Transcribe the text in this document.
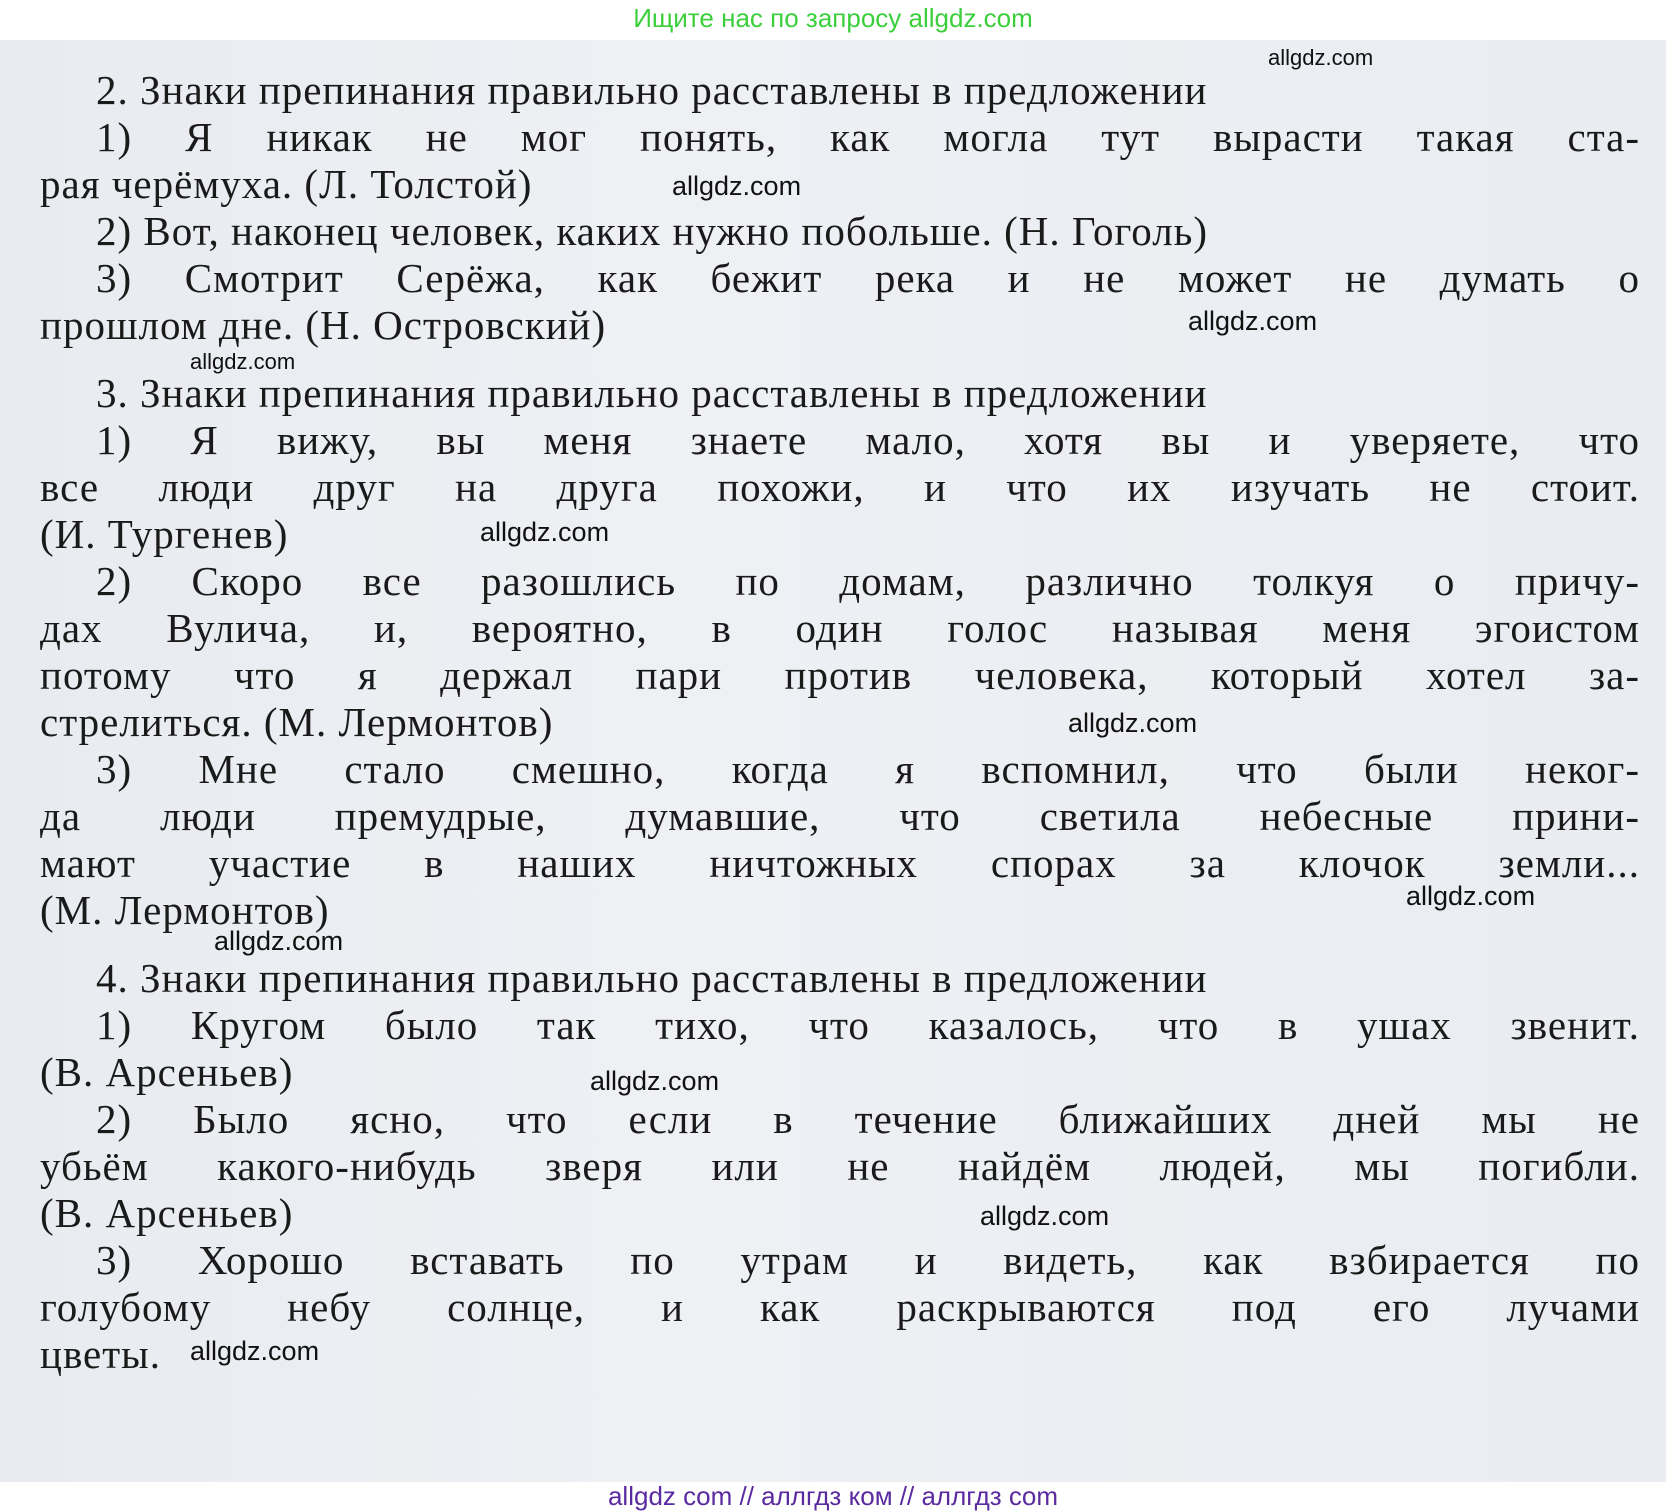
Ищите нас по запросу allgdz.com
2. Знаки препинания правильно расставлены в предложении
1) Я никак не мог понять, как могла тут вырасти такая ста-
рая черёмуха. (Л. Толстой)
2) Вот, наконец человек, каких нужно побольше. (Н. Гоголь)
3) Смотрит Серёжа, как бежит река и не может не думать о
прошлом дне. (Н. Островский)
3. Знаки препинания правильно расставлены в предложении
1) Я вижу, вы меня знаете мало, хотя вы и уверяете, что
все люди друг на друга похожи, и что их изучать не стоит.
(И. Тургенев)
2) Скоро все разошлись по домам, различно толкуя о причу-
дах Вулича, и, вероятно, в один голос называя меня эгоистом
потому что я держал пари против человека, который хотел за-
стрелиться. (М. Лермонтов)
3) Мне стало смешно, когда я вспомнил, что были неког-
да люди премудрые, думавшие, что светила небесные прини-
мают участие в наших ничтожных спорах за клочок земли...
(М. Лермонтов)
4. Знаки препинания правильно расставлены в предложении
1) Кругом было так тихо, что казалось, что в ушах звенит.
(В. Арсеньев)
2) Было ясно, что если в течение ближайших дней мы не
убьём какого-нибудь зверя или не найдём людей, мы погибли.
(В. Арсеньев)
3) Хорошо вставать по утрам и видеть, как взбирается по
голубому небу солнце, и как раскрываются под его лучами
цветы.
allgdz.com
allgdz.com
allgdz.com
allgdz.com
allgdz.com
allgdz.com
allgdz.com
allgdz.com
allgdz.com
allgdz.com
allgdz.com
allgdz com // аллгдз ком // аллгдз com
